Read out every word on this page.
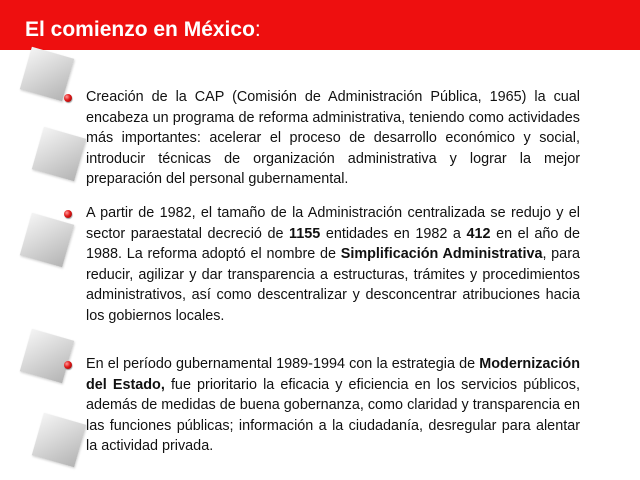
El comienzo en México:
Creación de la CAP (Comisión de Administración Pública, 1965) la cual encabeza un programa de reforma administrativa, teniendo como actividades más importantes: acelerar el proceso de desarrollo económico y social, introducir técnicas de organización administrativa y lograr la mejor preparación del personal gubernamental.
A partir de 1982, el tamaño de la Administración centralizada se redujo y el sector paraestatal decreció de 1155 entidades en 1982 a 412 en el año de 1988. La reforma adoptó el nombre de Simplificación Administrativa, para reducir, agilizar y dar transparencia a estructuras, trámites y procedimientos administrativos, así como descentralizar y desconcentrar atribuciones hacia los gobiernos locales.
En el período gubernamental 1989-1994 con la estrategia de Modernización del Estado, fue prioritario la eficacia y eficiencia en los servicios públicos, además de medidas de buena gobernanza, como claridad y transparencia en las funciones públicas; información a la ciudadanía, desregular para alentar la actividad privada.
